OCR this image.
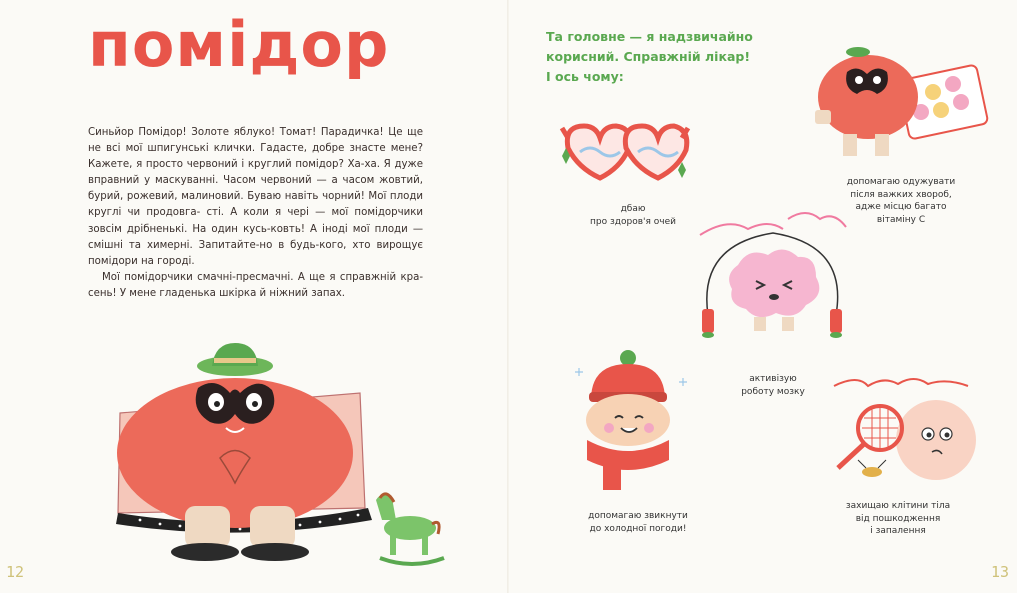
помідор

Синьйор Помідор! Золоте яблуко! Томат! Парадичка! Це ще не всі мої шпигунські клички. Гадасте, добре знасте мене? Кажете, я просто червоний і круглий помідор? Ха-ха. Я дуже вправний у маскуванні. Часом червоний — а часом жовтий, бурий, рожевий, малиновий. Буваю навіть чорний! Мої плоди круглі чи продовга- сті. А коли я чері — мої помідорчики зовсім дрібненькі. На один кусь-ковть! А іноді мої плоди — смішні та химерні. Запитайте-но в будь-кого, хто вирощує помідори на городі.

Мої помідорчики смачні-пресмачні. А ще я справжній кра- сень! У мене гладенька шкірка й ніжний запах.

12
Та головне — я надзвичайно
корисний. Справжній лікар!
І ось чому:
дбаю
про здоров'я очей
допомагаю одужувати
після важких хвороб,
адже місцю багато
вітаміну С
активізую
роботу мозку
допомагаю звикнути
до холодної погоди!
захищаю клітини тіла
від пошкодження
і запалення
13
